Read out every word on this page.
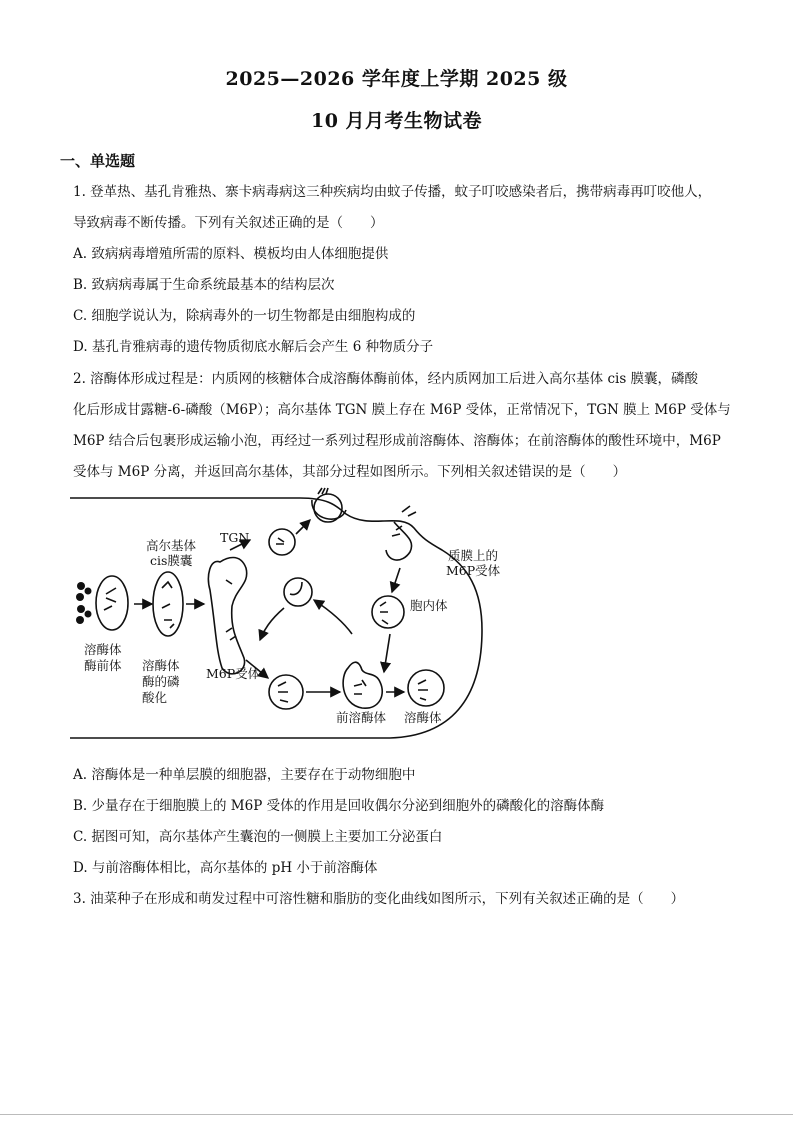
2025—2026 学年度上学期 2025 级
10 月月考生物试卷
一、单选题
1. 登革热、基孔肯雅热、寨卡病毒病这三种疾病均由蚊子传播，蚊子叮咬感染者后，携带病毒再叮咬他人，
导致病毒不断传播。下列有关叙述正确的是（　　）
A. 致病病毒增殖所需的原料、模板均由人体细胞提供
B. 致病病毒属于生命系统最基本的结构层次
C. 细胞学说认为，除病毒外的一切生物都是由细胞构成的
D. 基孔肯雅病毒的遗传物质彻底水解后会产生 6 种物质分子
2. 溶酶体形成过程是：内质网的核糖体合成溶酶体酶前体，经内质网加工后进入高尔基体 cis 膜囊，磷酸
化后形成甘露糖-6-磷酸（M6P）；高尔基体 TGN 膜上存在 M6P 受体，正常情况下，TGN 膜上 M6P 受体与
M6P 结合后包裹形成运输小泡，再经过一系列过程形成前溶酶体、溶酶体；在前溶酶体的酸性环境中，M6P
受体与 M6P 分离，并返回高尔基体，其部分过程如图所示。下列相关叙述错误的是（　　）
高尔基体
cis膜囊
TGN
质膜上的
M6P受体
胞内体
溶酶体
酶前体 溶酶体
酶的磷
酸化
M6P受体
前溶酶体 溶酶体
A. 溶酶体是一种单层膜的细胞器，主要存在于动物细胞中
B. 少量存在于细胞膜上的 M6P 受体的作用是回收偶尔分泌到细胞外的磷酸化的溶酶体酶
C. 据图可知，高尔基体产生囊泡的一侧膜上主要加工分泌蛋白
D. 与前溶酶体相比，高尔基体的 pH 小于前溶酶体
3. 油菜种子在形成和萌发过程中可溶性糖和脂肪的变化曲线如图所示，下列有关叙述正确的是（　　）
